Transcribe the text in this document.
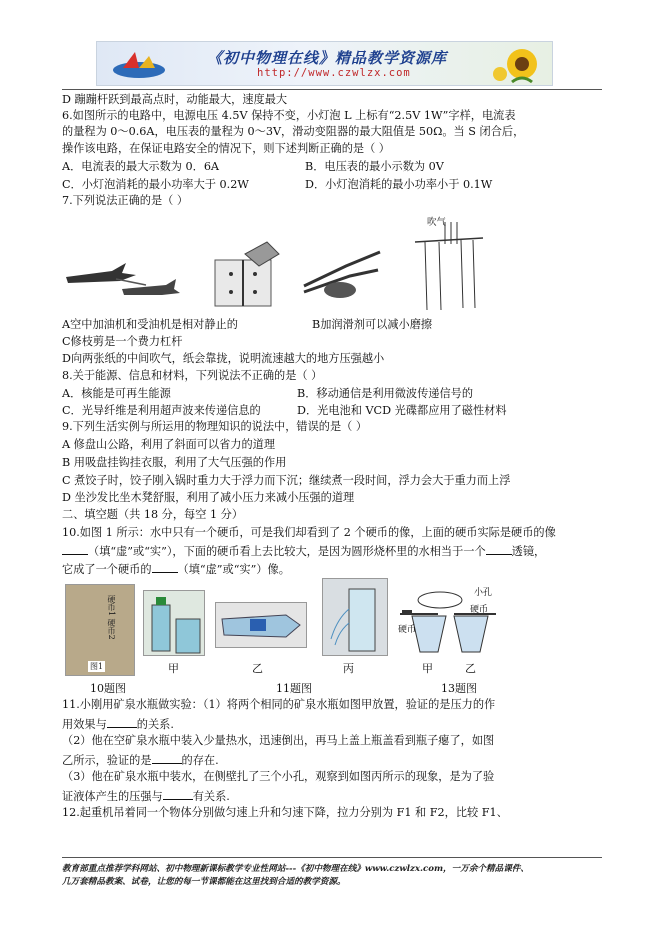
《初中物理在线》精品教学资源库
http://www.czwlzx.com
D 蹦蹦杆跃到最高点时，动能最大，速度最大
6.如图所示的电路中，电源电压 4.5V 保持不变，小灯泡 L 上标有“2.5V 1W”字样，电流表
的量程为 0～0.6A，电压表的量程为 0～3V，滑动变阻器的最大阻值是 50Ω。当 S 闭合后，
操作该电路，在保证电路安全的情况下，则下述判断正确的是（ ）
A．电流表的最大示数为 0．6A	B．电压表的最小示数为 0V
C．小灯泡消耗的最小功率大于 0.2W	D．小灯泡消耗的最小功率小于 0.1W
7.下列说法正确的是（ ）
吹气
A空中加油机和受油机是相对静止的	B加润滑剂可以减小磨擦
C修枝剪是一个费力杠杆
D向两张纸的中间吹气，纸会靠拢，说明流速越大的地方压强越小
8.关于能源、信息和材料，下列说法不正确的是（ ）
A．核能是可再生能源	B．移动通信是利用微波传递信号的
C．光导纤维是利用超声波来传递信息的	D．光电池和 VCD 光碟都应用了磁性材料
9.下列生活实例与所运用的物理知识的说法中，错误的是（ ）
A 修盘山公路，利用了斜面可以省力的道理
B 用吸盘挂钩挂衣服，利用了大气压强的作用
C 煮饺子时，饺子刚入锅时重力大于浮力而下沉；继续煮一段时间，浮力会大于重力而上浮
D 坐沙发比坐木凳舒服，利用了减小压力来减小压强的道理
二、填空题（共 18 分，每空 1 分）
10.如图 1 所示：水中只有一个硬币，可是我们却看到了 2 个硬币的像，上面的硬币实际是硬币的像
（填“虚”或“实”），下面的硬币看上去比较大，是因为圆形烧杯里的水相当于一个 透镜，
它成了一个硬币的 （填“虚”或“实”）像。
硬币1 硬币2
图1	甲	乙	丙
小孔
硬币
硬币
甲	乙
10题图	11题图	13题图
11.小刚用矿泉水瓶做实验：（1）将两个相同的矿泉水瓶如图甲放置，验证的是压力的作
用效果与	的关系.
（2）他在空矿泉水瓶中装入少量热水，迅速倒出，再马上盖上瓶盖看到瓶子瘪了，如图
乙所示，验证的是	的存在.
（3）他在矿泉水瓶中装水，在侧壁扎了三个小孔，观察到如图丙所示的现象，是为了验
证液体产生的压强与	有关系.
12.起重机吊着同一个物体分别做匀速上升和匀速下降，拉力分别为 F1 和 F2，比较 F1、
教育部重点推荐学科网站、初中物理新课标教学专业性网站---《初中物理在线》www.czwlzx.com，一万余个精品课件、
几万套精品教案、试卷，让您的每一节课都能在这里找到合适的教学资源。
